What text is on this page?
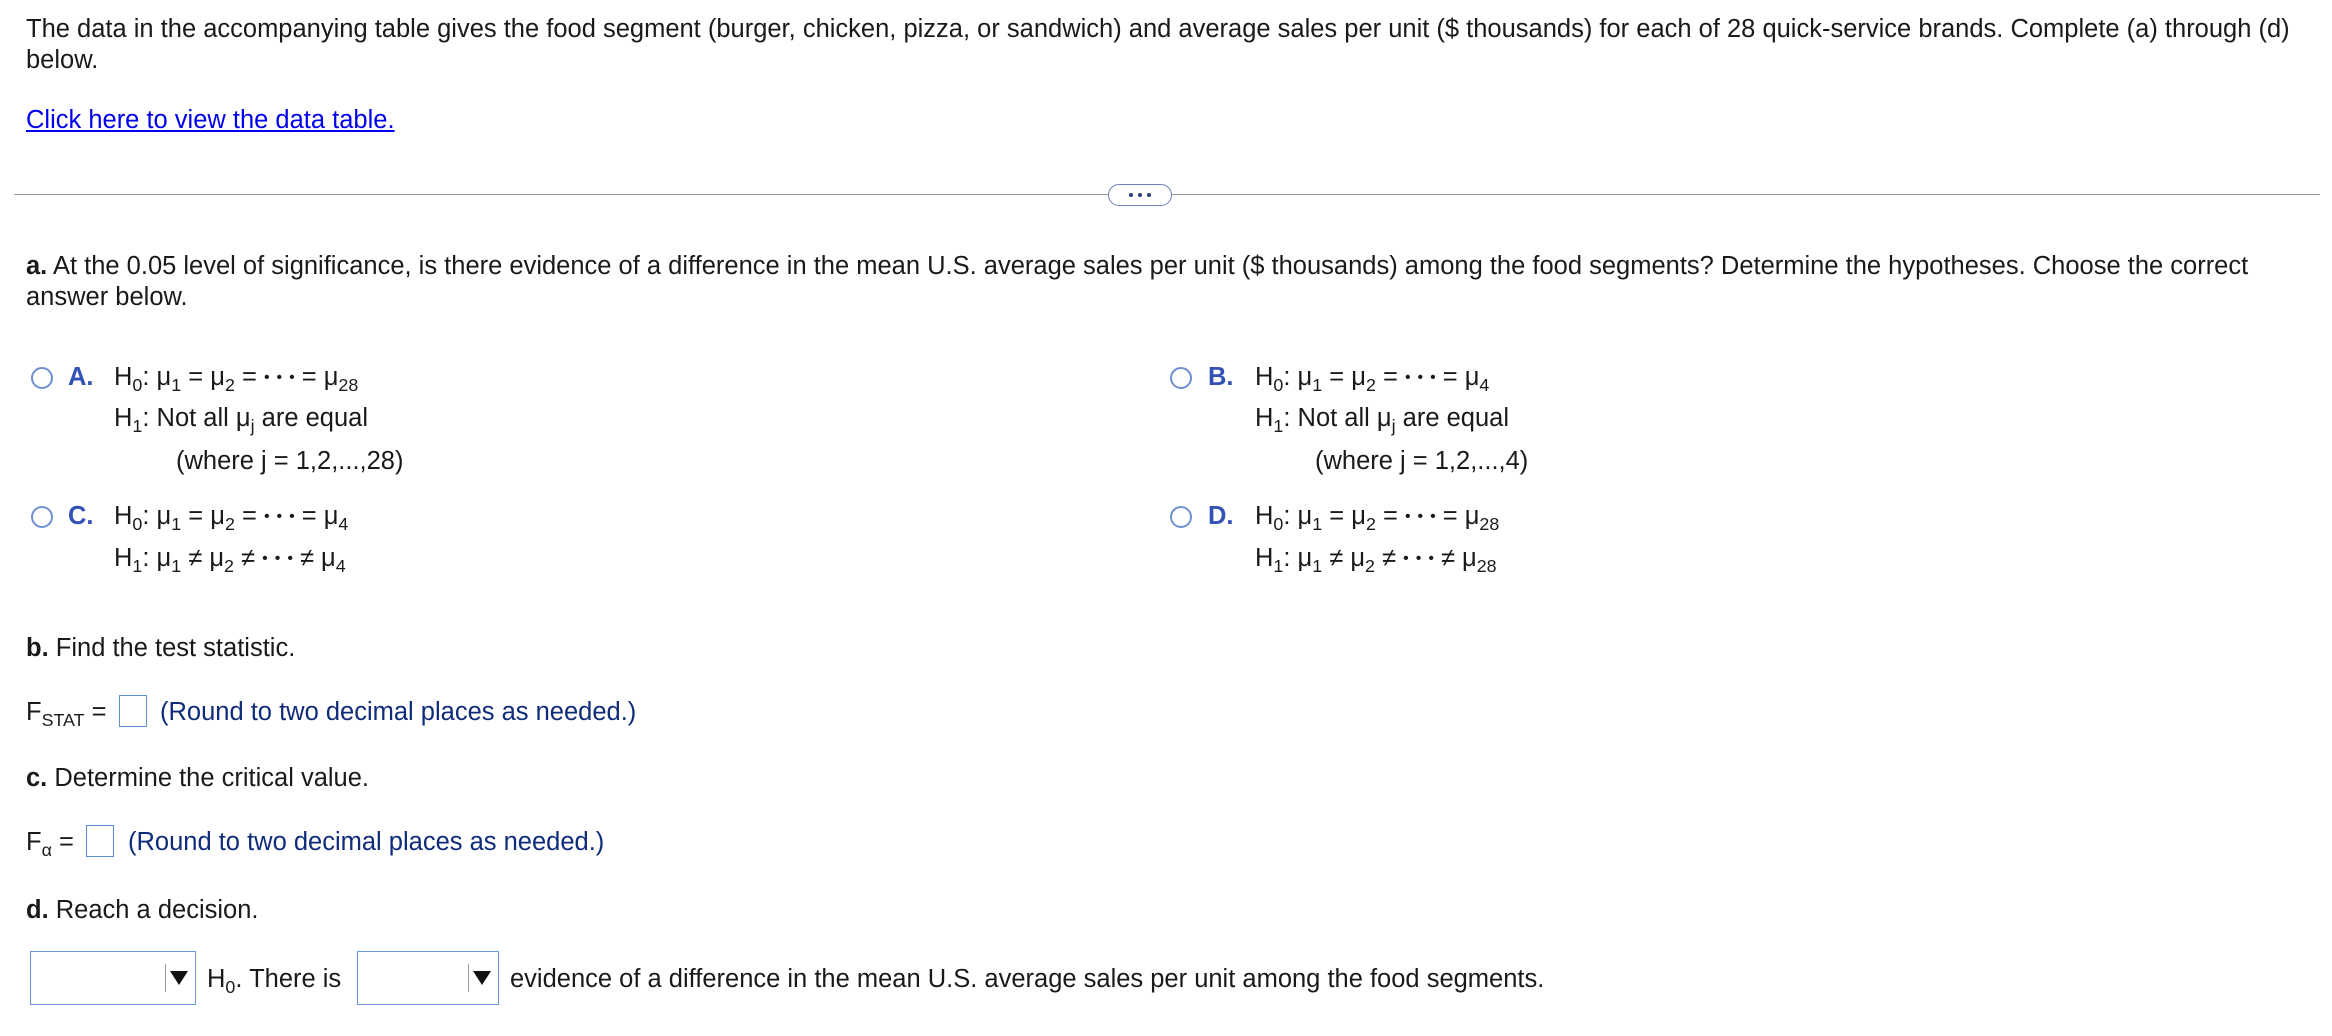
The data in the accompanying table gives the food segment (burger, chicken, pizza, or sandwich) and average sales per unit ($ thousands) for each of 28 quick-service brands. Complete (a) through (d) below.
Click here to view the data table.
a. At the 0.05 level of significance, is there evidence of a difference in the mean U.S. average sales per unit ($ thousands) among the food segments? Determine the hypotheses. Choose the correct answer below.
A. $H_0$: $\mu_1 = \mu_2$ = •••= $\mu_{28}$
$H_1$: Not all $\mu_j$ are equal
(where j = 1,2,...,28)
B. $H_0$: $\mu_1 = \mu_2$ = •••= $\mu_4$
$H_1$: Not all $\mu_j$ are equal
(where j = 1,2,...,4)
C. $H_0$: $\mu_1 = \mu_2$ = •••= $\mu_4$
$H_1$: $\mu_1 \ne \mu_2$ ≠ •••≠ $\mu_4$
D. $H_0$: $\mu_1 = \mu_2$ = •••= $\mu_{28}$
$H_1$: $\mu_1 \ne \mu_2$ ≠ •••≠ $\mu_{28}$
b. Find the test statistic.
$F_{STAT}$ = (Round to two decimal places as needed.)
c. Determine the critical value.
$F_\alpha$ = (Round to two decimal places as needed.)
d. Reach a decision.
$H_0$. There is	evidence of a difference in the mean U.S. average sales per unit among the food segments.
